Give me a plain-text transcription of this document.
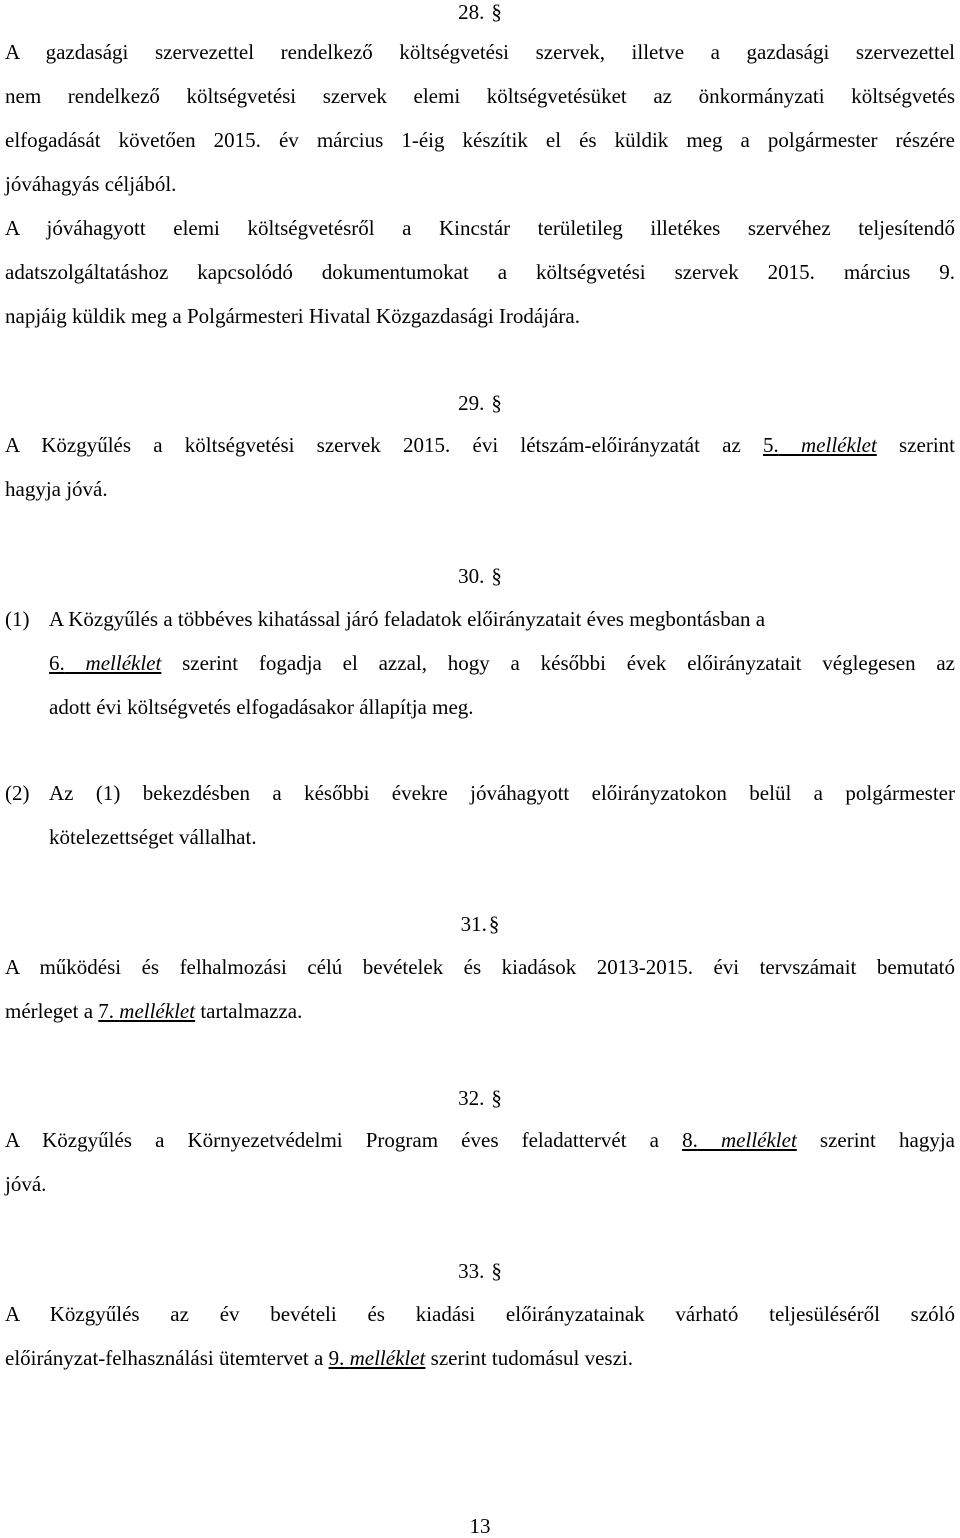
28. §
A gazdasági szervezettel rendelkező költségvetési szervek, illetve a gazdasági szervezettel
nem rendelkező költségvetési szervek elemi költségvetésüket az önkormányzati költségvetés
elfogadását követően 2015. év március 1-éig készítik el és küldik meg a polgármester részére
jóváhagyás céljából.
A jóváhagyott elemi költségvetésről a Kincstár területileg illetékes szervéhez teljesítendő
adatszolgáltatáshoz kapcsolódó dokumentumokat a költségvetési szervek 2015. március 9.
napjáig küldik meg a Polgármesteri Hivatal Közgazdasági Irodájára.
29. §
A Közgyűlés a költségvetési szervek 2015. évi létszám-előirányzatát az 5. melléklet szerint
hagyja jóvá.
30. §
(1) A Közgyűlés a többéves kihatással járó feladatok előirányzatait éves megbontásban a
6. melléklet szerint fogadja el azzal, hogy a későbbi évek előirányzatait véglegesen az
adott évi költségvetés elfogadásakor állapítja meg.
(2) Az (1) bekezdésben a későbbi évekre jóváhagyott előirányzatokon belül a polgármester
kötelezettséget vállalhat.
31.§
A működési és felhalmozási célú bevételek és kiadások 2013-2015. évi tervszámait bemutató
mérleget a 7. melléklet tartalmazza.
32. §
A Közgyűlés a Környezetvédelmi Program éves feladattervét a 8. melléklet szerint hagyja
jóvá.
33. §
A Közgyűlés az év bevételi és kiadási előirányzatainak várható teljesüléséről szóló
előirányzat-felhasználási ütemtervet a 9. melléklet szerint tudomásul veszi.
13
